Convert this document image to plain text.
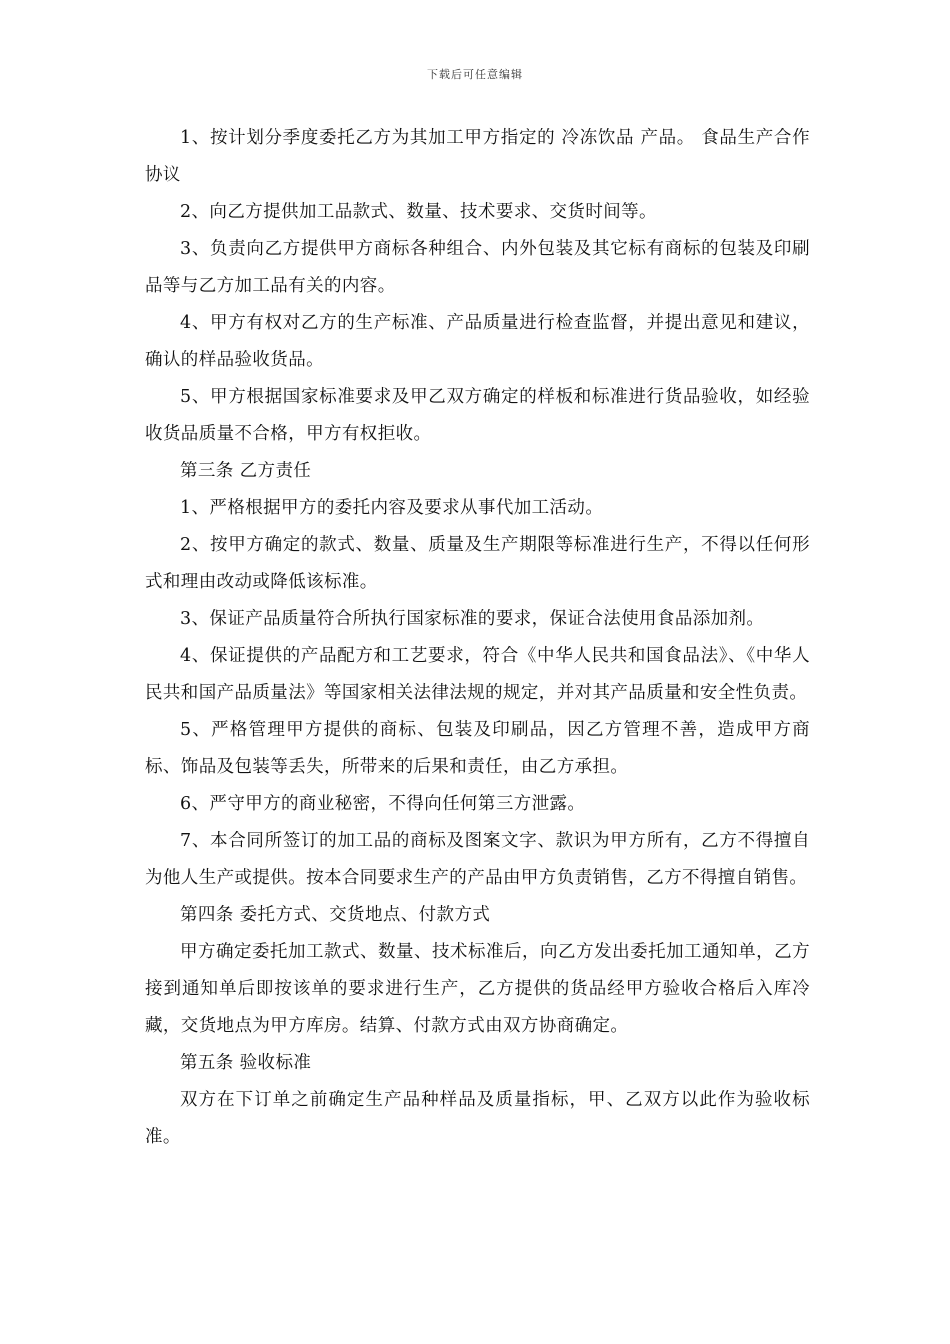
下载后可任意编辑

1、按计划分季度委托乙方为其加工甲方指定的 冷冻饮品 产品。 食品生产合作协议

2、向乙方提供加工品款式、数量、技术要求、交货时间等。

3、负责向乙方提供甲方商标各种组合、内外包装及其它标有商标的包装及印刷品等与乙方加工品有关的内容。

4、甲方有权对乙方的生产标准、产品质量进行检查监督，并提出意见和建议，确认的样品验收货品。

5、甲方根据国家标准要求及甲乙双方确定的样板和标准进行货品验收，如经验收货品质量不合格，甲方有权拒收。

第三条 乙方责任

1、严格根据甲方的委托内容及要求从事代加工活动。

2、按甲方确定的款式、数量、质量及生产期限等标准进行生产，不得以任何形式和理由改动或降低该标准。

3、保证产品质量符合所执行国家标准的要求，保证合法使用食品添加剂。

4、保证提供的产品配方和工艺要求，符合《中华人民共和国食品法》、《中华人民共和国产品质量法》等国家相关法律法规的规定，并对其产品质量和安全性负责。

5、严格管理甲方提供的商标、包装及印刷品，因乙方管理不善，造成甲方商标、饰品及包装等丢失，所带来的后果和责任，由乙方承担。

6、严守甲方的商业秘密，不得向任何第三方泄露。

7、本合同所签订的加工品的商标及图案文字、款识为甲方所有，乙方不得擅自为他人生产或提供。按本合同要求生产的产品由甲方负责销售，乙方不得擅自销售。

第四条 委托方式、交货地点、付款方式

甲方确定委托加工款式、数量、技术标准后，向乙方发出委托加工通知单，乙方接到通知单后即按该单的要求进行生产，乙方提供的货品经甲方验收合格后入库冷藏，交货地点为甲方库房。结算、付款方式由双方协商确定。

第五条 验收标准

双方在下订单之前确定生产品种样品及质量指标，甲、乙双方以此作为验收标准。
